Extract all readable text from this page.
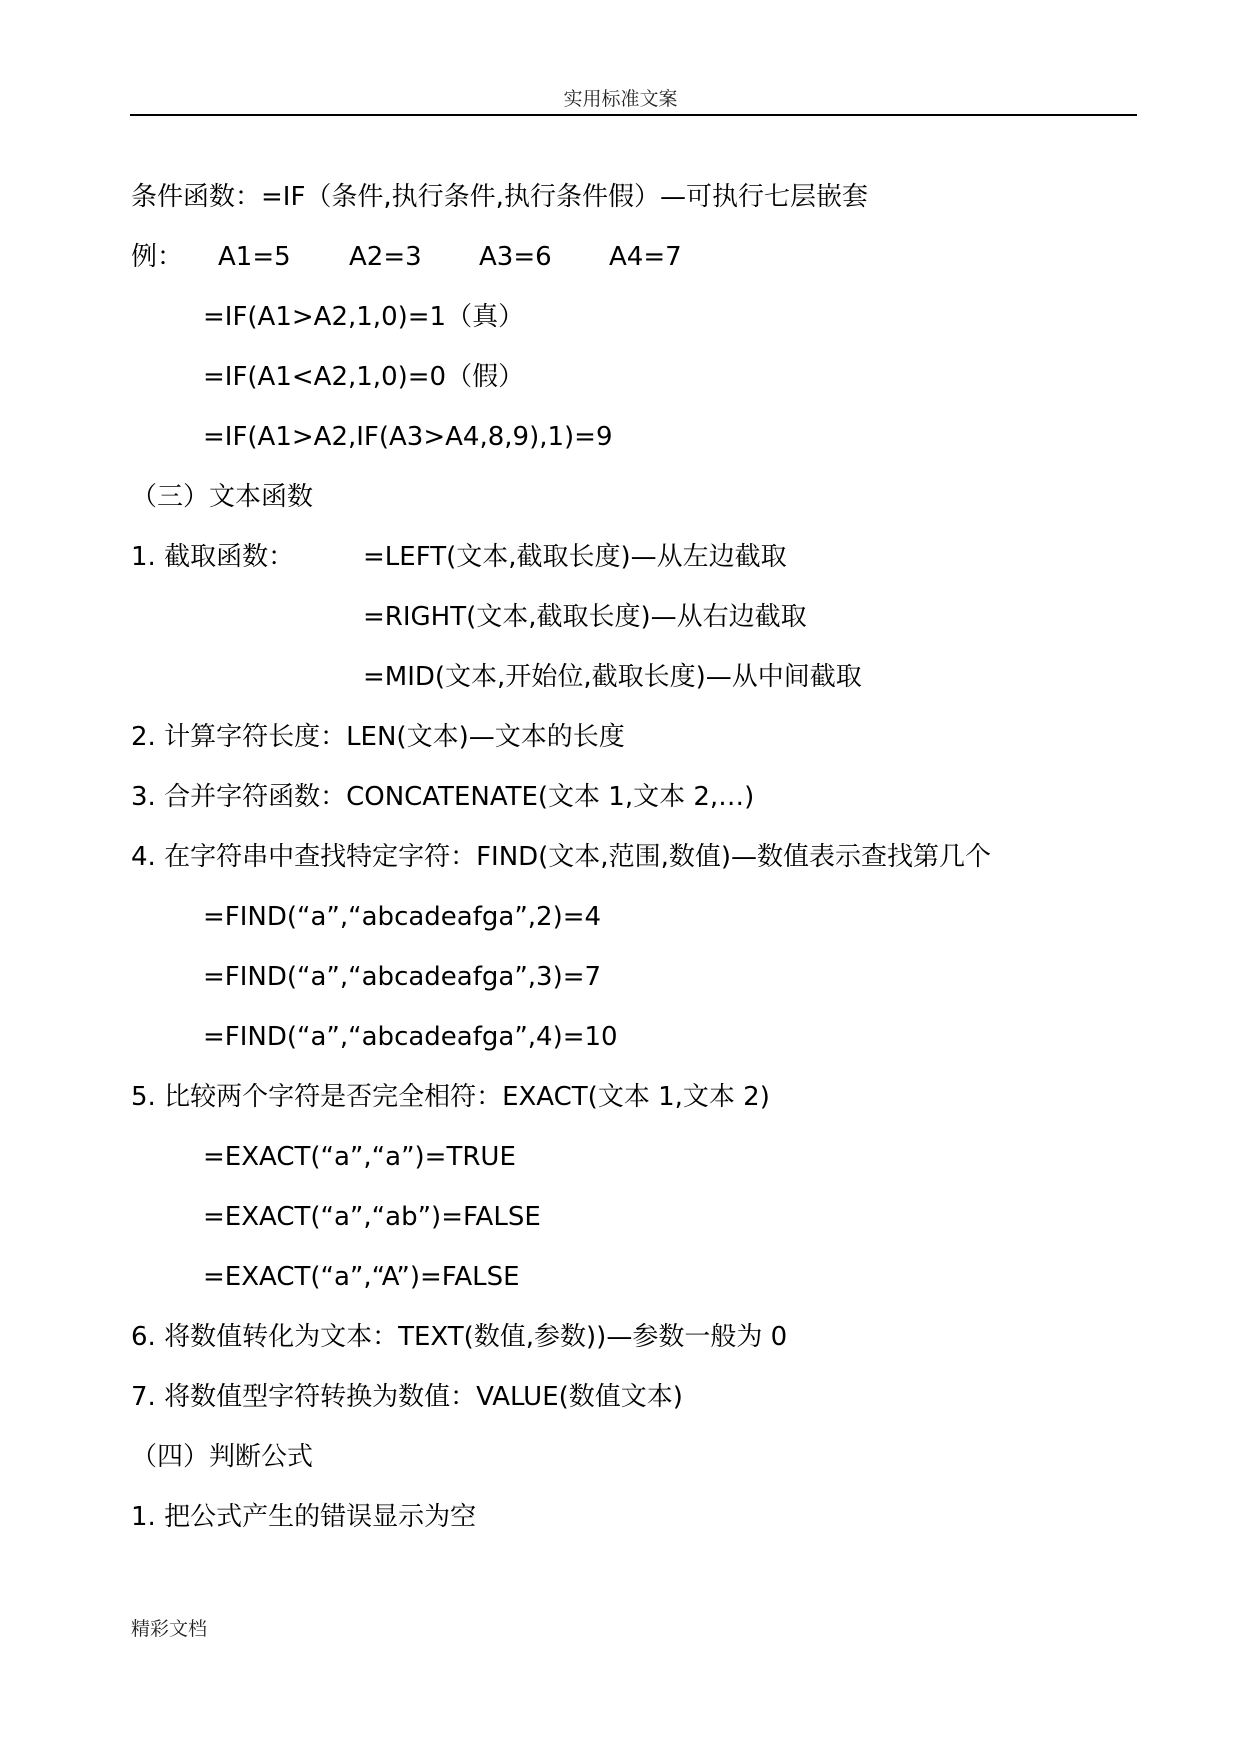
实用标准文案
条件函数：=IF（条件,执行条件,执行条件假）—可执行七层嵌套
例： A1=5 A2=3 A3=6 A4=7
=IF(A1>A2,1,0)=1（真）
=IF(A1<A2,1,0)=0（假）
=IF(A1>A2,IF(A3>A4,8,9),1)=9
（三）文本函数
1. 截取函数：	=LEFT(文本,截取长度)—从左边截取
=RIGHT(文本,截取长度)—从右边截取
=MID(文本,开始位,截取长度)—从中间截取
2. 计算字符长度：LEN(文本)—文本的长度
3. 合并字符函数：CONCATENATE(文本 1,文本 2,…)
4. 在字符串中查找特定字符：FIND(文本,范围,数值)—数值表示查找第几个
=FIND(“a”,“abcadeafga”,2)=4
=FIND(“a”,“abcadeafga”,3)=7
=FIND(“a”,“abcadeafga”,4)=10
5. 比较两个字符是否完全相符：EXACT(文本 1,文本 2)
=EXACT(“a”,“a”)=TRUE
=EXACT(“a”,“ab”)=FALSE
=EXACT(“a”,“A”)=FALSE
6. 将数值转化为文本：TEXT(数值,参数))—参数一般为 0
7. 将数值型字符转换为数值：VALUE(数值文本)
（四）判断公式
1. 把公式产生的错误显示为空
精彩文档
